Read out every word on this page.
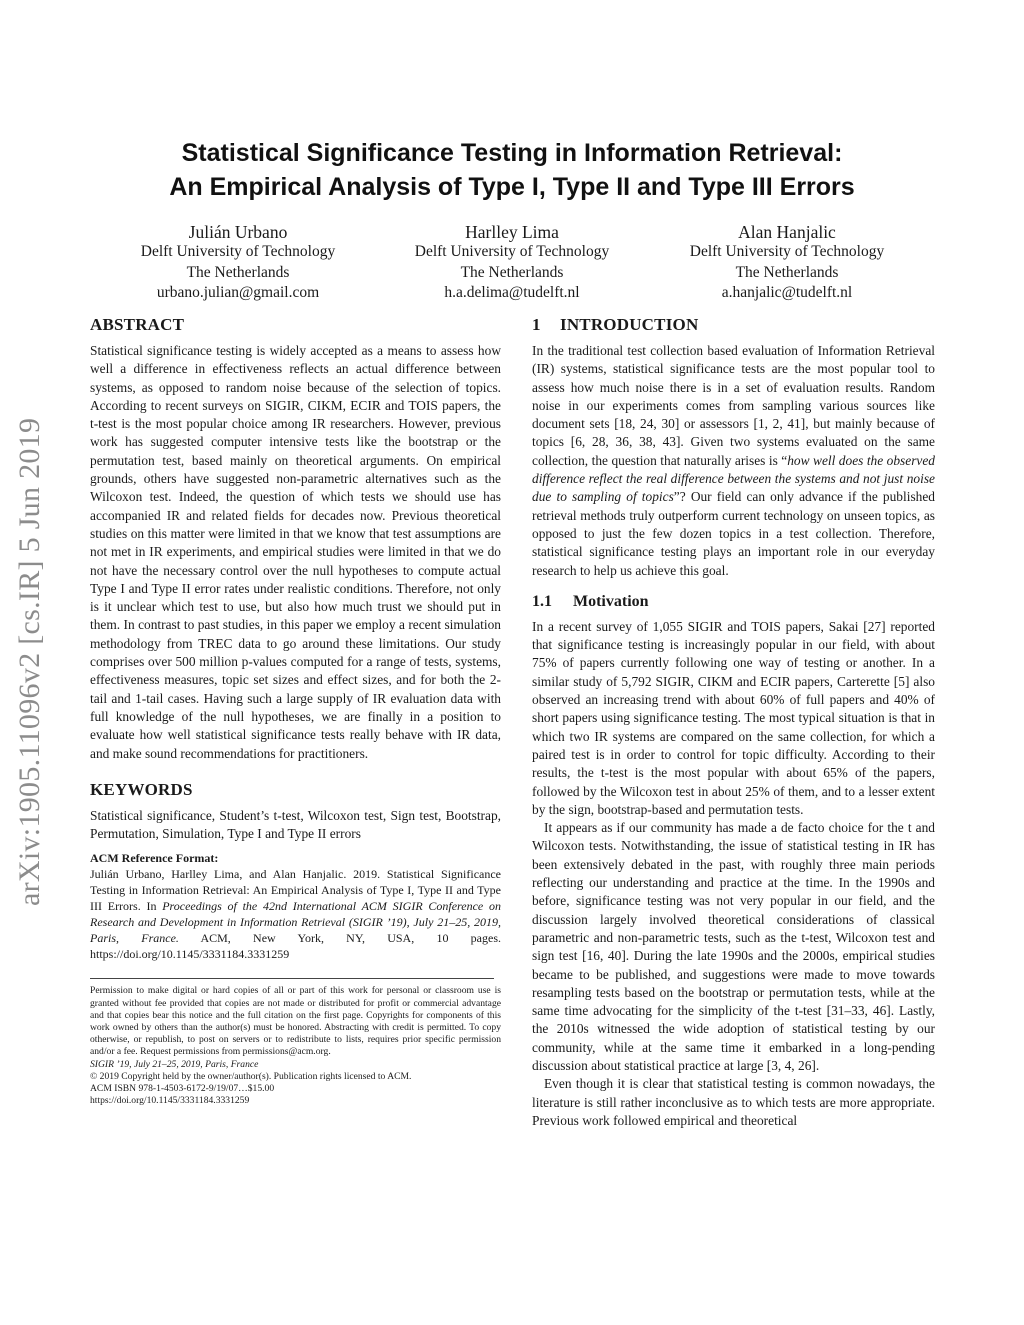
arXiv:1905.11096v2 [cs.IR] 5 Jun 2019
Statistical Significance Testing in Information Retrieval:
An Empirical Analysis of Type I, Type II and Type III Errors
Julián Urbano
Delft University of Technology
The Netherlands
urbano.julian@gmail.com
Harlley Lima
Delft University of Technology
The Netherlands
h.a.delima@tudelft.nl
Alan Hanjalic
Delft University of Technology
The Netherlands
a.hanjalic@tudelft.nl
ABSTRACT

Statistical significance testing is widely accepted as a means to assess how well a difference in effectiveness reflects an actual difference between systems, as opposed to random noise because of the selection of topics. According to recent surveys on SIGIR, CIKM, ECIR and TOIS papers, the t-test is the most popular choice among IR researchers. However, previous work has suggested computer intensive tests like the bootstrap or the permutation test, based mainly on theoretical arguments. On empirical grounds, others have suggested non-parametric alternatives such as the Wilcoxon test. Indeed, the question of which tests we should use has accompanied IR and related fields for decades now. Previous theoretical studies on this matter were limited in that we know that test assumptions are not met in IR experiments, and empirical studies were limited in that we do not have the necessary control over the null hypotheses to compute actual Type I and Type II error rates under realistic conditions. Therefore, not only is it unclear which test to use, but also how much trust we should put in them. In contrast to past studies, in this paper we employ a recent simulation methodology from TREC data to go around these limitations. Our study comprises over 500 million p-values computed for a range of tests, systems, effectiveness measures, topic set sizes and effect sizes, and for both the 2-tail and 1-tail cases. Having such a large supply of IR evaluation data with full knowledge of the null hypotheses, we are finally in a position to evaluate how well statistical significance tests really behave with IR data, and make sound recommendations for practitioners.

KEYWORDS

Statistical significance, Student’s t-test, Wilcoxon test, Sign test, Bootstrap, Permutation, Simulation, Type I and Type II errors

ACM Reference Format:
Julián Urbano, Harlley Lima, and Alan Hanjalic. 2019. Statistical Significance Testing in Information Retrieval: An Empirical Analysis of Type I, Type II and Type III Errors. In Proceedings of the 42nd International ACM SIGIR Conference on Research and Development in Information Retrieval (SIGIR ’19), July 21–25, 2019, Paris, France. ACM, New York, NY, USA, 10 pages. https://doi.org/10.1145/3331184.3331259

Permission to make digital or hard copies of all or part of this work for personal or classroom use is granted without fee provided that copies are not made or distributed for profit or commercial advantage and that copies bear this notice and the full citation on the first page. Copyrights for components of this work owned by others than the author(s) must be honored. Abstracting with credit is permitted. To copy otherwise, or republish, to post on servers or to redistribute to lists, requires prior specific permission and/or a fee. Request permissions from permissions@acm.org.

SIGIR ’19, July 21–25, 2019, Paris, France
© 2019 Copyright held by the owner/author(s). Publication rights licensed to ACM.
ACM ISBN 978-1-4503-6172-9/19/07…$15.00
https://doi.org/10.1145/3331184.3331259
1 INTRODUCTION

In the traditional test collection based evaluation of Information Retrieval (IR) systems, statistical significance tests are the most popular tool to assess how much noise there is in a set of evaluation results. Random noise in our experiments comes from sampling various sources like document sets [18, 24, 30] or assessors [1, 2, 41], but mainly because of topics [6, 28, 36, 38, 43]. Given two systems evaluated on the same collection, the question that naturally arises is “how well does the observed difference reflect the real difference between the systems and not just noise due to sampling of topics”? Our field can only advance if the published retrieval methods truly outperform current technology on unseen topics, as opposed to just the few dozen topics in a test collection. Therefore, statistical significance testing plays an important role in our everyday research to help us achieve this goal.

1.1 Motivation

In a recent survey of 1,055 SIGIR and TOIS papers, Sakai [27] reported that significance testing is increasingly popular in our field, with about 75% of papers currently following one way of testing or another. In a similar study of 5,792 SIGIR, CIKM and ECIR papers, Carterette [5] also observed an increasing trend with about 60% of full papers and 40% of short papers using significance testing. The most typical situation is that in which two IR systems are compared on the same collection, for which a paired test is in order to control for topic difficulty. According to their results, the t-test is the most popular with about 65% of the papers, followed by the Wilcoxon test in about 25% of them, and to a lesser extent by the sign, bootstrap-based and permutation tests.

It appears as if our community has made a de facto choice for the t and Wilcoxon tests. Notwithstanding, the issue of statistical testing in IR has been extensively debated in the past, with roughly three main periods reflecting our understanding and practice at the time. In the 1990s and before, significance testing was not very popular in our field, and the discussion largely involved theoretical considerations of classical parametric and non-parametric tests, such as the t-test, Wilcoxon test and sign test [16, 40]. During the late 1990s and the 2000s, empirical studies became to be published, and suggestions were made to move towards resampling tests based on the bootstrap or permutation tests, while at the same time advocating for the simplicity of the t-test [31–33, 46]. Lastly, the 2010s witnessed the wide adoption of statistical testing by our community, while at the same time it embarked in a long-pending discussion about statistical practice at large [3, 4, 26].

Even though it is clear that statistical testing is common nowadays, the literature is still rather inconclusive as to which tests are more appropriate. Previous work followed empirical and theoretical
